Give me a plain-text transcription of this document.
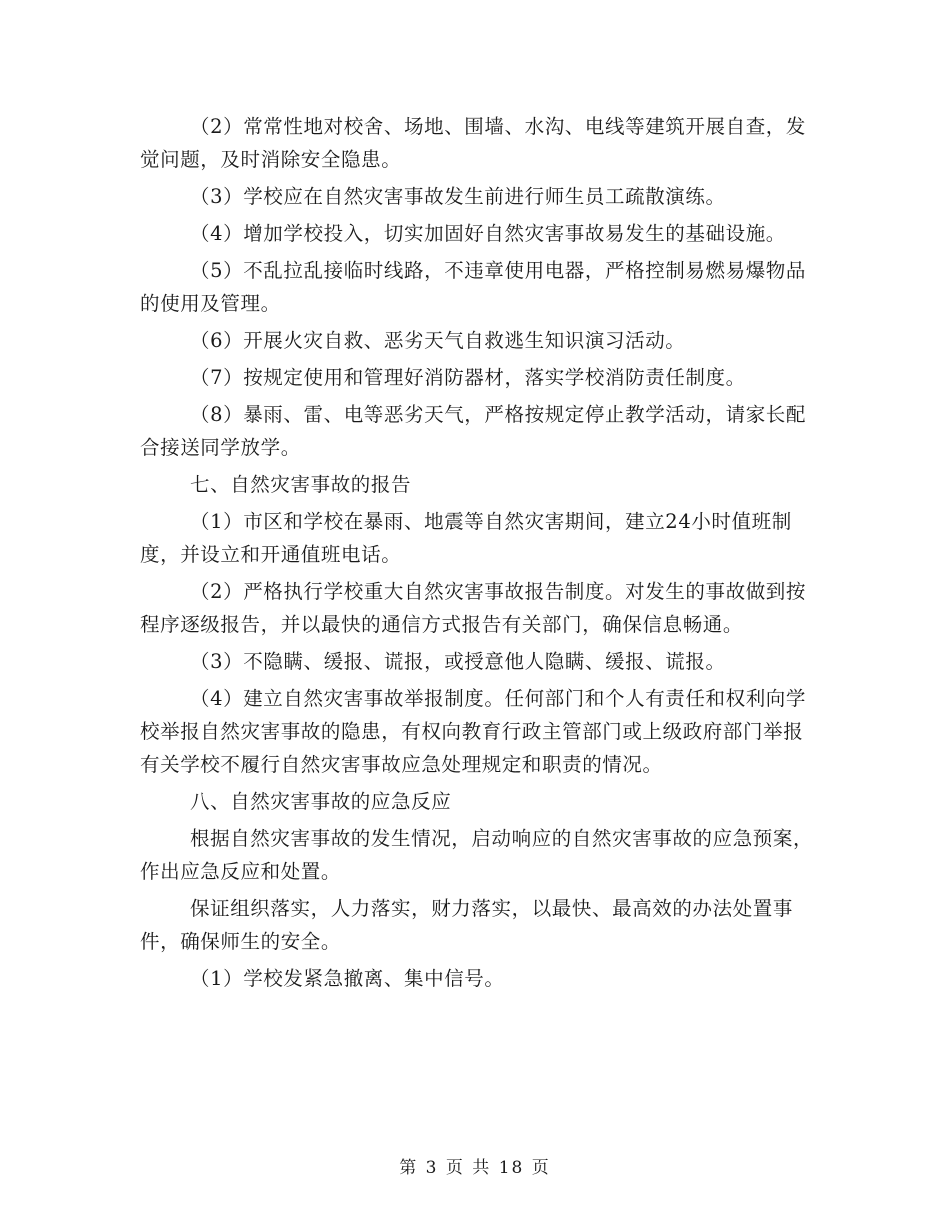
（2）常常性地对校舍、场地、围墙、水沟、电线等建筑开展自查，发觉问题，及时消除安全隐患。

（3）学校应在自然灾害事故发生前进行师生员工疏散演练。

（4）增加学校投入，切实加固好自然灾害事故易发生的基础设施。

（5）不乱拉乱接临时线路，不违章使用电器，严格控制易燃易爆物品的使用及管理。

（6）开展火灾自救、恶劣天气自救逃生知识演习活动。

（7）按规定使用和管理好消防器材，落实学校消防责任制度。

（8）暴雨、雷、电等恶劣天气，严格按规定停止教学活动，请家长配合接送同学放学。

七、自然灾害事故的报告

（1）市区和学校在暴雨、地震等自然灾害期间，建立24小时值班制度，并设立和开通值班电话。

（2）严格执行学校重大自然灾害事故报告制度。对发生的事故做到按程序逐级报告，并以最快的通信方式报告有关部门，确保信息畅通。

（3）不隐瞒、缓报、谎报，或授意他人隐瞒、缓报、谎报。

（4）建立自然灾害事故举报制度。任何部门和个人有责任和权利向学校举报自然灾害事故的隐患，有权向教育行政主管部门或上级政府部门举报有关学校不履行自然灾害事故应急处理规定和职责的情况。

八、自然灾害事故的应急反应

根据自然灾害事故的发生情况，启动响应的自然灾害事故的应急预案，作出应急反应和处置。

保证组织落实，人力落实，财力落实，以最快、最高效的办法处置事件，确保师生的安全。

（1）学校发紧急撤离、集中信号。

第 3 页 共 18 页
